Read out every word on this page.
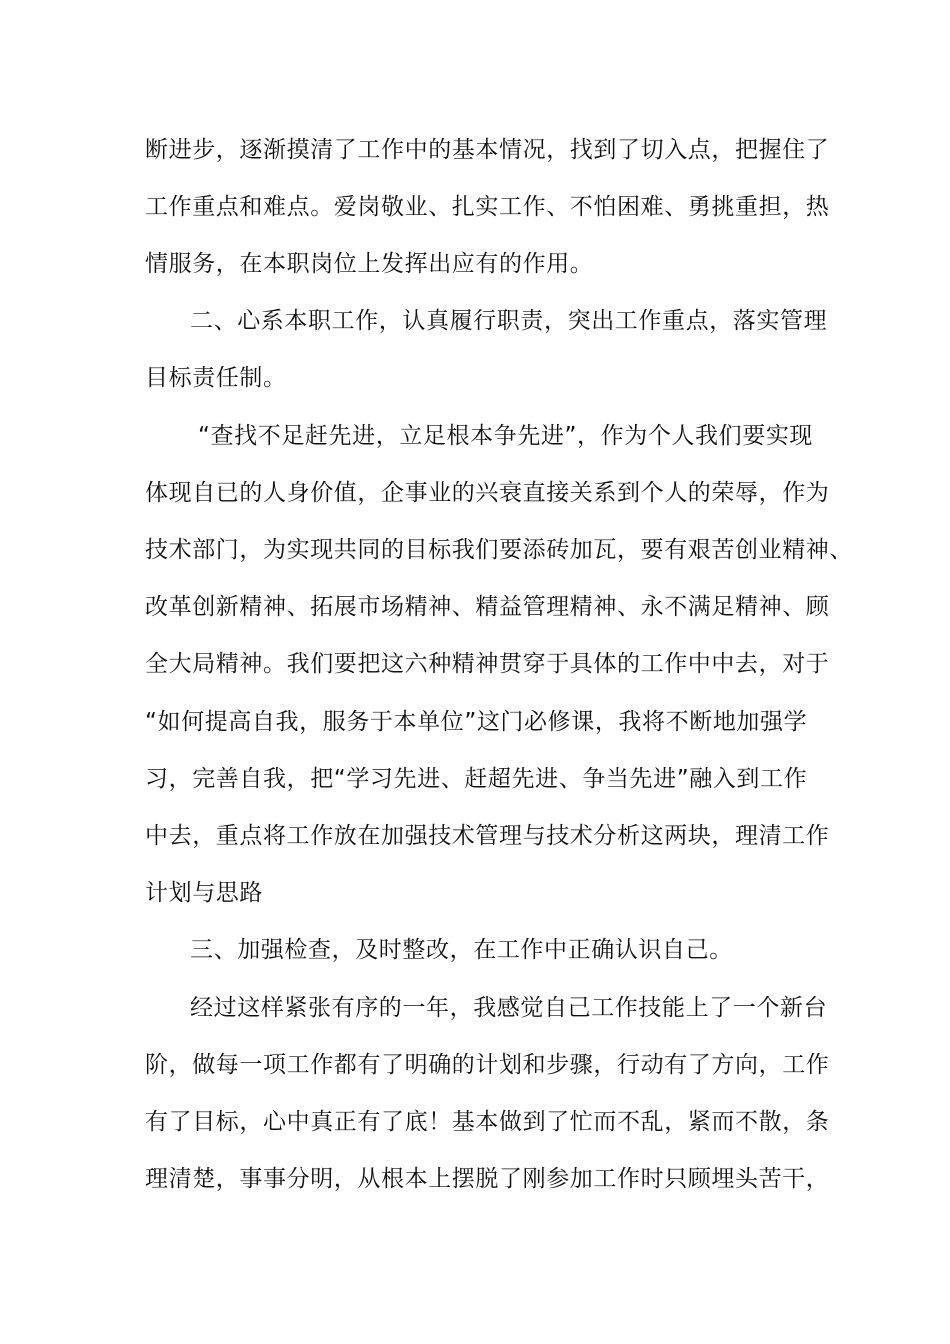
断进步，逐渐摸清了工作中的基本情况，找到了切入点，把握住了
工作重点和难点。爱岗敬业、扎实工作、不怕困难、勇挑重担，热
情服务，在本职岗位上发挥出应有的作用。
二、心系本职工作，认真履行职责，突出工作重点，落实管理
目标责任制。
“查找不足赶先进，立足根本争先进”，作为个人我们要实现
体现自已的人身价值，企事业的兴衰直接关系到个人的荣辱，作为
技术部门，为实现共同的目标我们要添砖加瓦，要有艰苦创业精神、
改革创新精神、拓展市场精神、精益管理精神、永不满足精神、顾
全大局精神。我们要把这六种精神贯穿于具体的工作中中去，对于
“如何提高自我，服务于本单位”这门必修课，我将不断地加强学
习，完善自我，把“学习先进、赶超先进、争当先进”融入到工作
中去，重点将工作放在加强技术管理与技术分析这两块，理清工作
计划与思路
三、加强检查，及时整改，在工作中正确认识自己。
经过这样紧张有序的一年，我感觉自己工作技能上了一个新台
阶，做每一项工作都有了明确的计划和步骤，行动有了方向，工作
有了目标，心中真正有了底！基本做到了忙而不乱，紧而不散，条
理清楚，事事分明，从根本上摆脱了刚参加工作时只顾埋头苦干，
